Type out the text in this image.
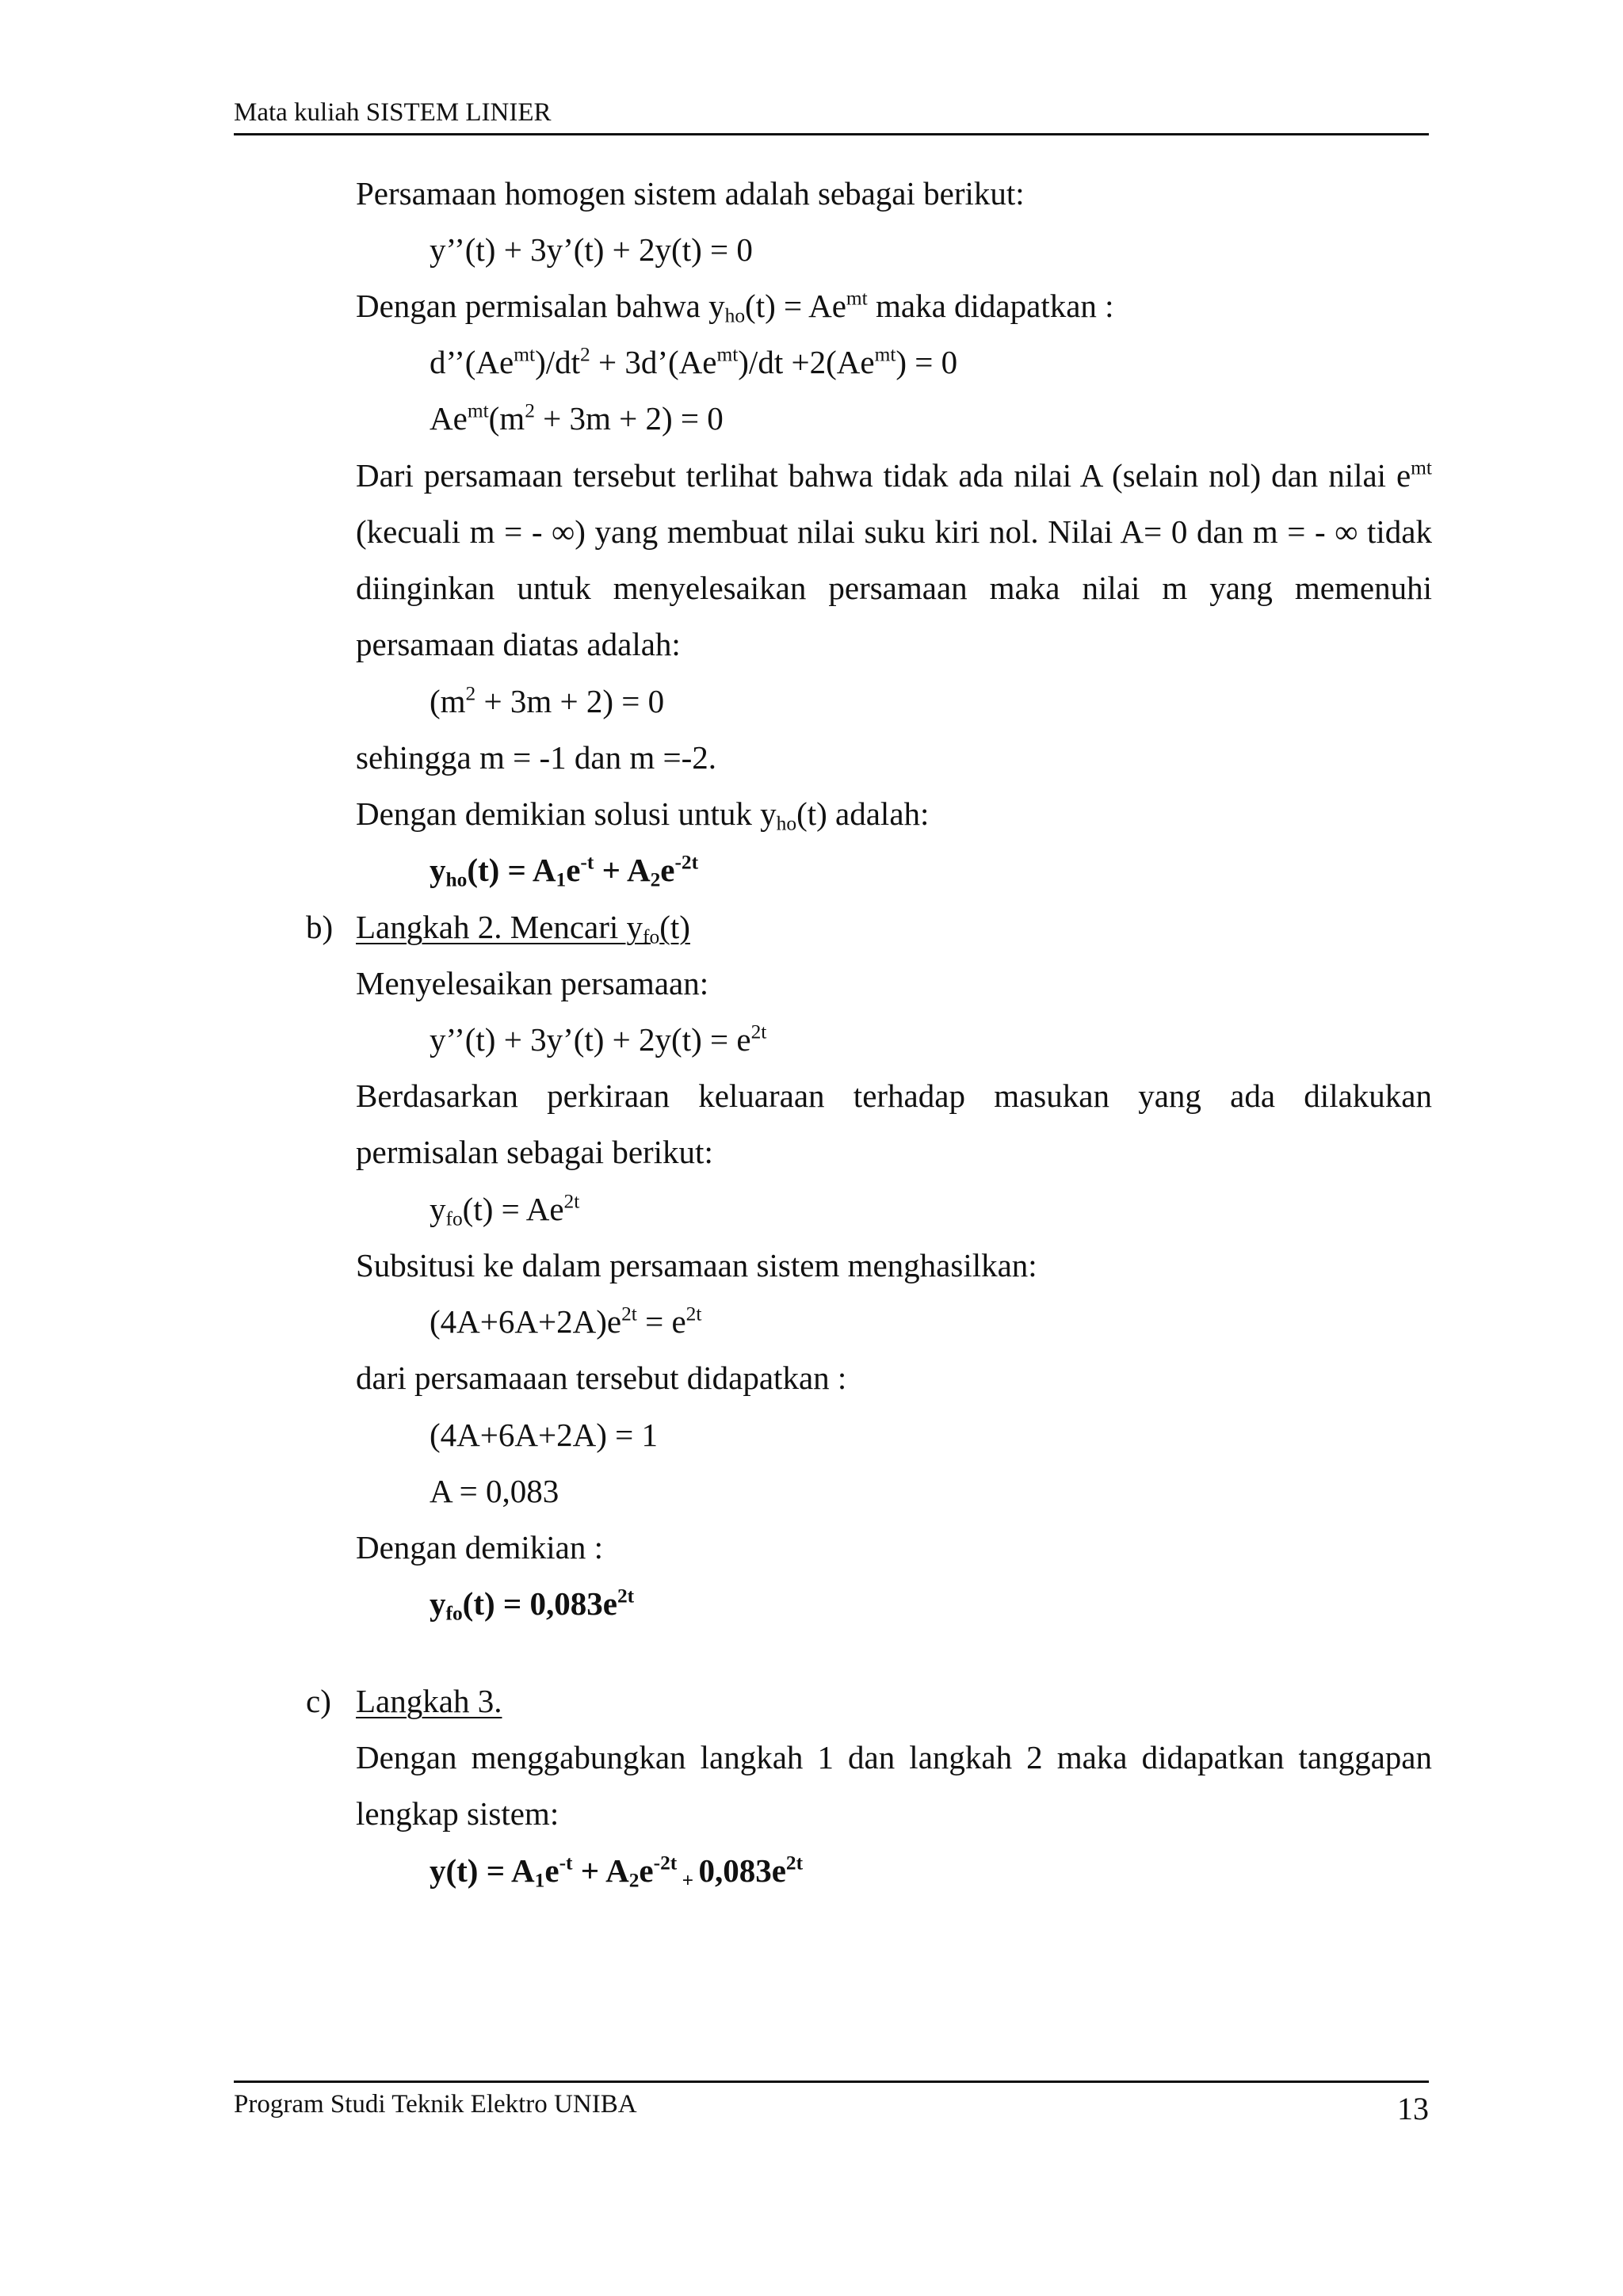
Mata kuliah SISTEM LINIER
Persamaan homogen sistem adalah sebagai berikut:
y’’(t) + 3y’(t) + 2y(t) = 0
Dengan permisalan bahwa $y_{ho}(t) = Ae^{mt}$ maka didapatkan :
$d’’(Ae^{mt})/dt^2$ + $3d’(Ae^{mt})/dt +2(Ae^{mt}) = 0$
$Ae^{mt}(m^2 + 3m + 2) = 0$
Dari persamaan tersebut terlihat bahwa tidak ada nilai A (selain nol) dan nilai $e^{mt}$
(kecuali m = - ∞) yang membuat nilai suku kiri nol. Nilai A= 0 dan m = - ∞ tidak
diinginkan untuk menyelesaikan persamaan maka nilai m yang memenuhi
persamaan diatas adalah:
$(m^2 + 3m + 2) = 0$
sehingga m = -1 dan m =-2.
Dengan demikian solusi untuk $y_{ho}(t)$ adalah:
$y_{ho}(t) = A_1e^{-t} + A_2e^{-2t}$
b) Langkah 2. Mencari $y_{fo}(t)$
Menyelesaikan persamaan:
y’’(t) + 3y’(t) + $2y(t) = e^{2t}$
Berdasarkan perkiraan keluaraan terhadap masukan yang ada dilakukan
permisalan sebagai berikut:
$y_{fo}(t) = Ae^{2t}$
Subsitusi ke dalam persamaan sistem menghasilkan:
$(4A+6A+2A)e^{2t} = e^{2t}$
dari persamaaan tersebut didapatkan :
(4A+6A+2A) = 1
A = 0,083
Dengan demikian :
$y_{fo}(t) = 0,083e^{2t}$
c) Langkah 3.
Dengan menggabungkan langkah 1 dan langkah 2 maka didapatkan tanggapan
lengkap sistem:
$y(t) = A_1e^{-t} + A_2e^{-2t}$ $_+$ $0,083e^{2t}$
Program Studi Teknik Elektro UNIBA	13
